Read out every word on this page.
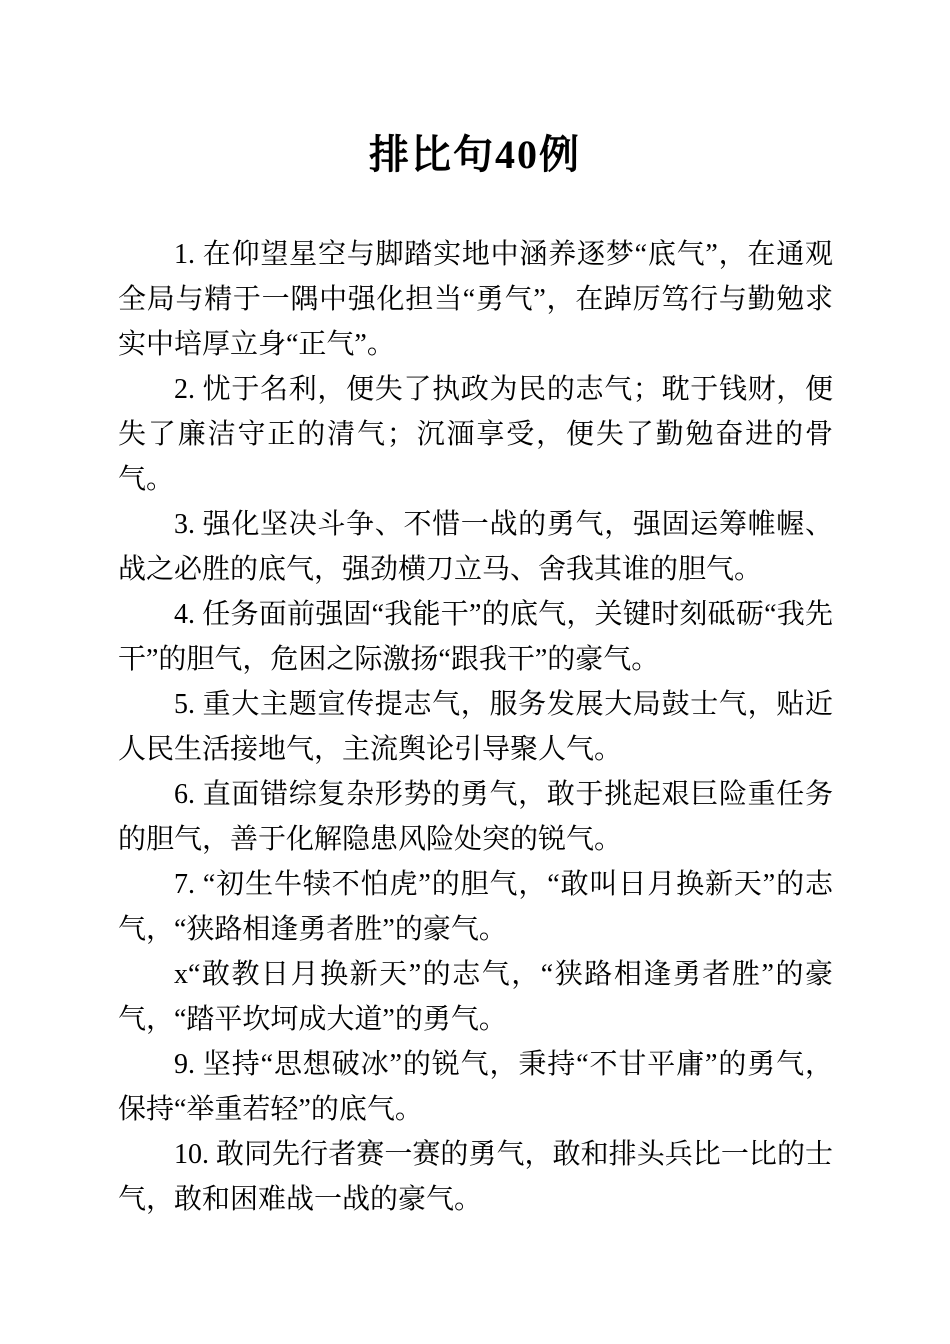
排比句40例

1. 在仰望星空与脚踏实地中涵养逐梦“底气”，在通观全局与精于一隅中强化担当“勇气”，在踔厉笃行与勤勉求实中培厚立身“正气”。

2. 忧于名利，便失了执政为民的志气；耽于钱财，便失了廉洁守正的清气；沉湎享受，便失了勤勉奋进的骨气。

3. 强化坚决斗争、不惜一战的勇气，强固运筹帷幄、战之必胜的底气，强劲横刀立马、舍我其谁的胆气。

4. 任务面前强固“我能干”的底气，关键时刻砥砺“我先干”的胆气，危困之际激扬“跟我干”的豪气。

5. 重大主题宣传提志气，服务发展大局鼓士气，贴近人民生活接地气，主流舆论引导聚人气。

6. 直面错综复杂形势的勇气，敢于挑起艰巨险重任务的胆气，善于化解隐患风险处突的锐气。

7. “初生牛犊不怕虎”的胆气，“敢叫日月换新天”的志气，“狭路相逢勇者胜”的豪气。

x“敢教日月换新天”的志气，“狭路相逢勇者胜”的豪气，“踏平坎坷成大道”的勇气。

9. 坚持“思想破冰”的锐气，秉持“不甘平庸”的勇气，保持“举重若轻”的底气。

10. 敢同先行者赛一赛的勇气，敢和排头兵比一比的士气，敢和困难战一战的豪气。
